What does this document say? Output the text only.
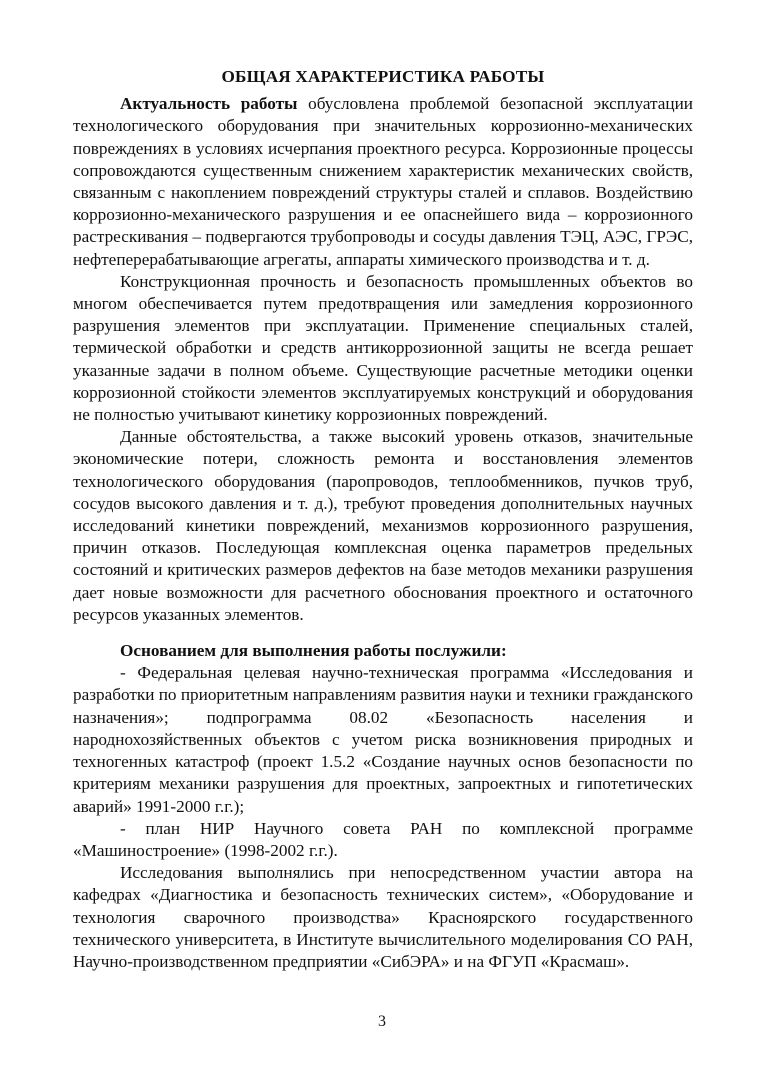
ОБЩАЯ ХАРАКТЕРИСТИКА РАБОТЫ

Актуальность работы обусловлена проблемой безопасной эксплуатации технологического оборудования при значительных коррозионно-механических повреждениях в условиях исчерпания проектного ресурса. Коррозионные процессы сопровождаются существенным снижением характеристик механических свойств, связанным с накоплением повреждений структуры сталей и сплавов. Воздействию коррозионно-механического разрушения и ее опаснейшего вида – коррозионного растрескивания – подвергаются трубопроводы и сосуды давления ТЭЦ, АЭС, ГРЭС, нефтеперерабатывающие агрегаты, аппараты химического производства и т. д.

Конструкционная прочность и безопасность промышленных объектов во многом обеспечивается путем предотвращения или замедления коррозионного разрушения элементов при эксплуатации. Применение специальных сталей, термической обработки и средств антикоррозионной защиты не всегда решает указанные задачи в полном объеме. Существующие расчетные методики оценки коррозионной стойкости элементов эксплуатируемых конструкций и оборудования не полностью учитывают кинетику коррозионных повреждений.

Данные обстоятельства, а также высокий уровень отказов, значительные экономические потери, сложность ремонта и восстановления элементов технологического оборудования (паропроводов, теплообменников, пучков труб, сосудов высокого давления и т. д.), требуют проведения дополнительных научных исследований кинетики повреждений, механизмов коррозионного разрушения, причин отказов. Последующая комплексная оценка параметров предельных состояний и критических размеров дефектов на базе методов механики разрушения дает новые возможности для расчетного обоснования проектного и остаточного ресурсов указанных элементов.

Основанием для выполнения работы послужили:

- Федеральная целевая научно-техническая программа «Исследования и разработки по приоритетным направлениям развития науки и техники гражданского назначения»; подпрограмма 08.02 «Безопасность населения и народнохозяйственных объектов с учетом риска возникновения природных и техногенных катастроф (проект 1.5.2 «Создание научных основ безопасности по критериям механики разрушения для проектных, запроектных и гипотетических аварий» 1991-2000 г.г.);

- план НИР Научного совета РАН по комплексной программе «Машиностроение» (1998-2002 г.г.).

Исследования выполнялись при непосредственном участии автора на кафедрах «Диагностика и безопасность технических систем», «Оборудование и технология сварочного производства» Красноярского государственного технического университета, в Институте вычислительного моделирования СО РАН, Научно-производственном предприятии «СибЭРА» и на ФГУП «Красмаш».

3
